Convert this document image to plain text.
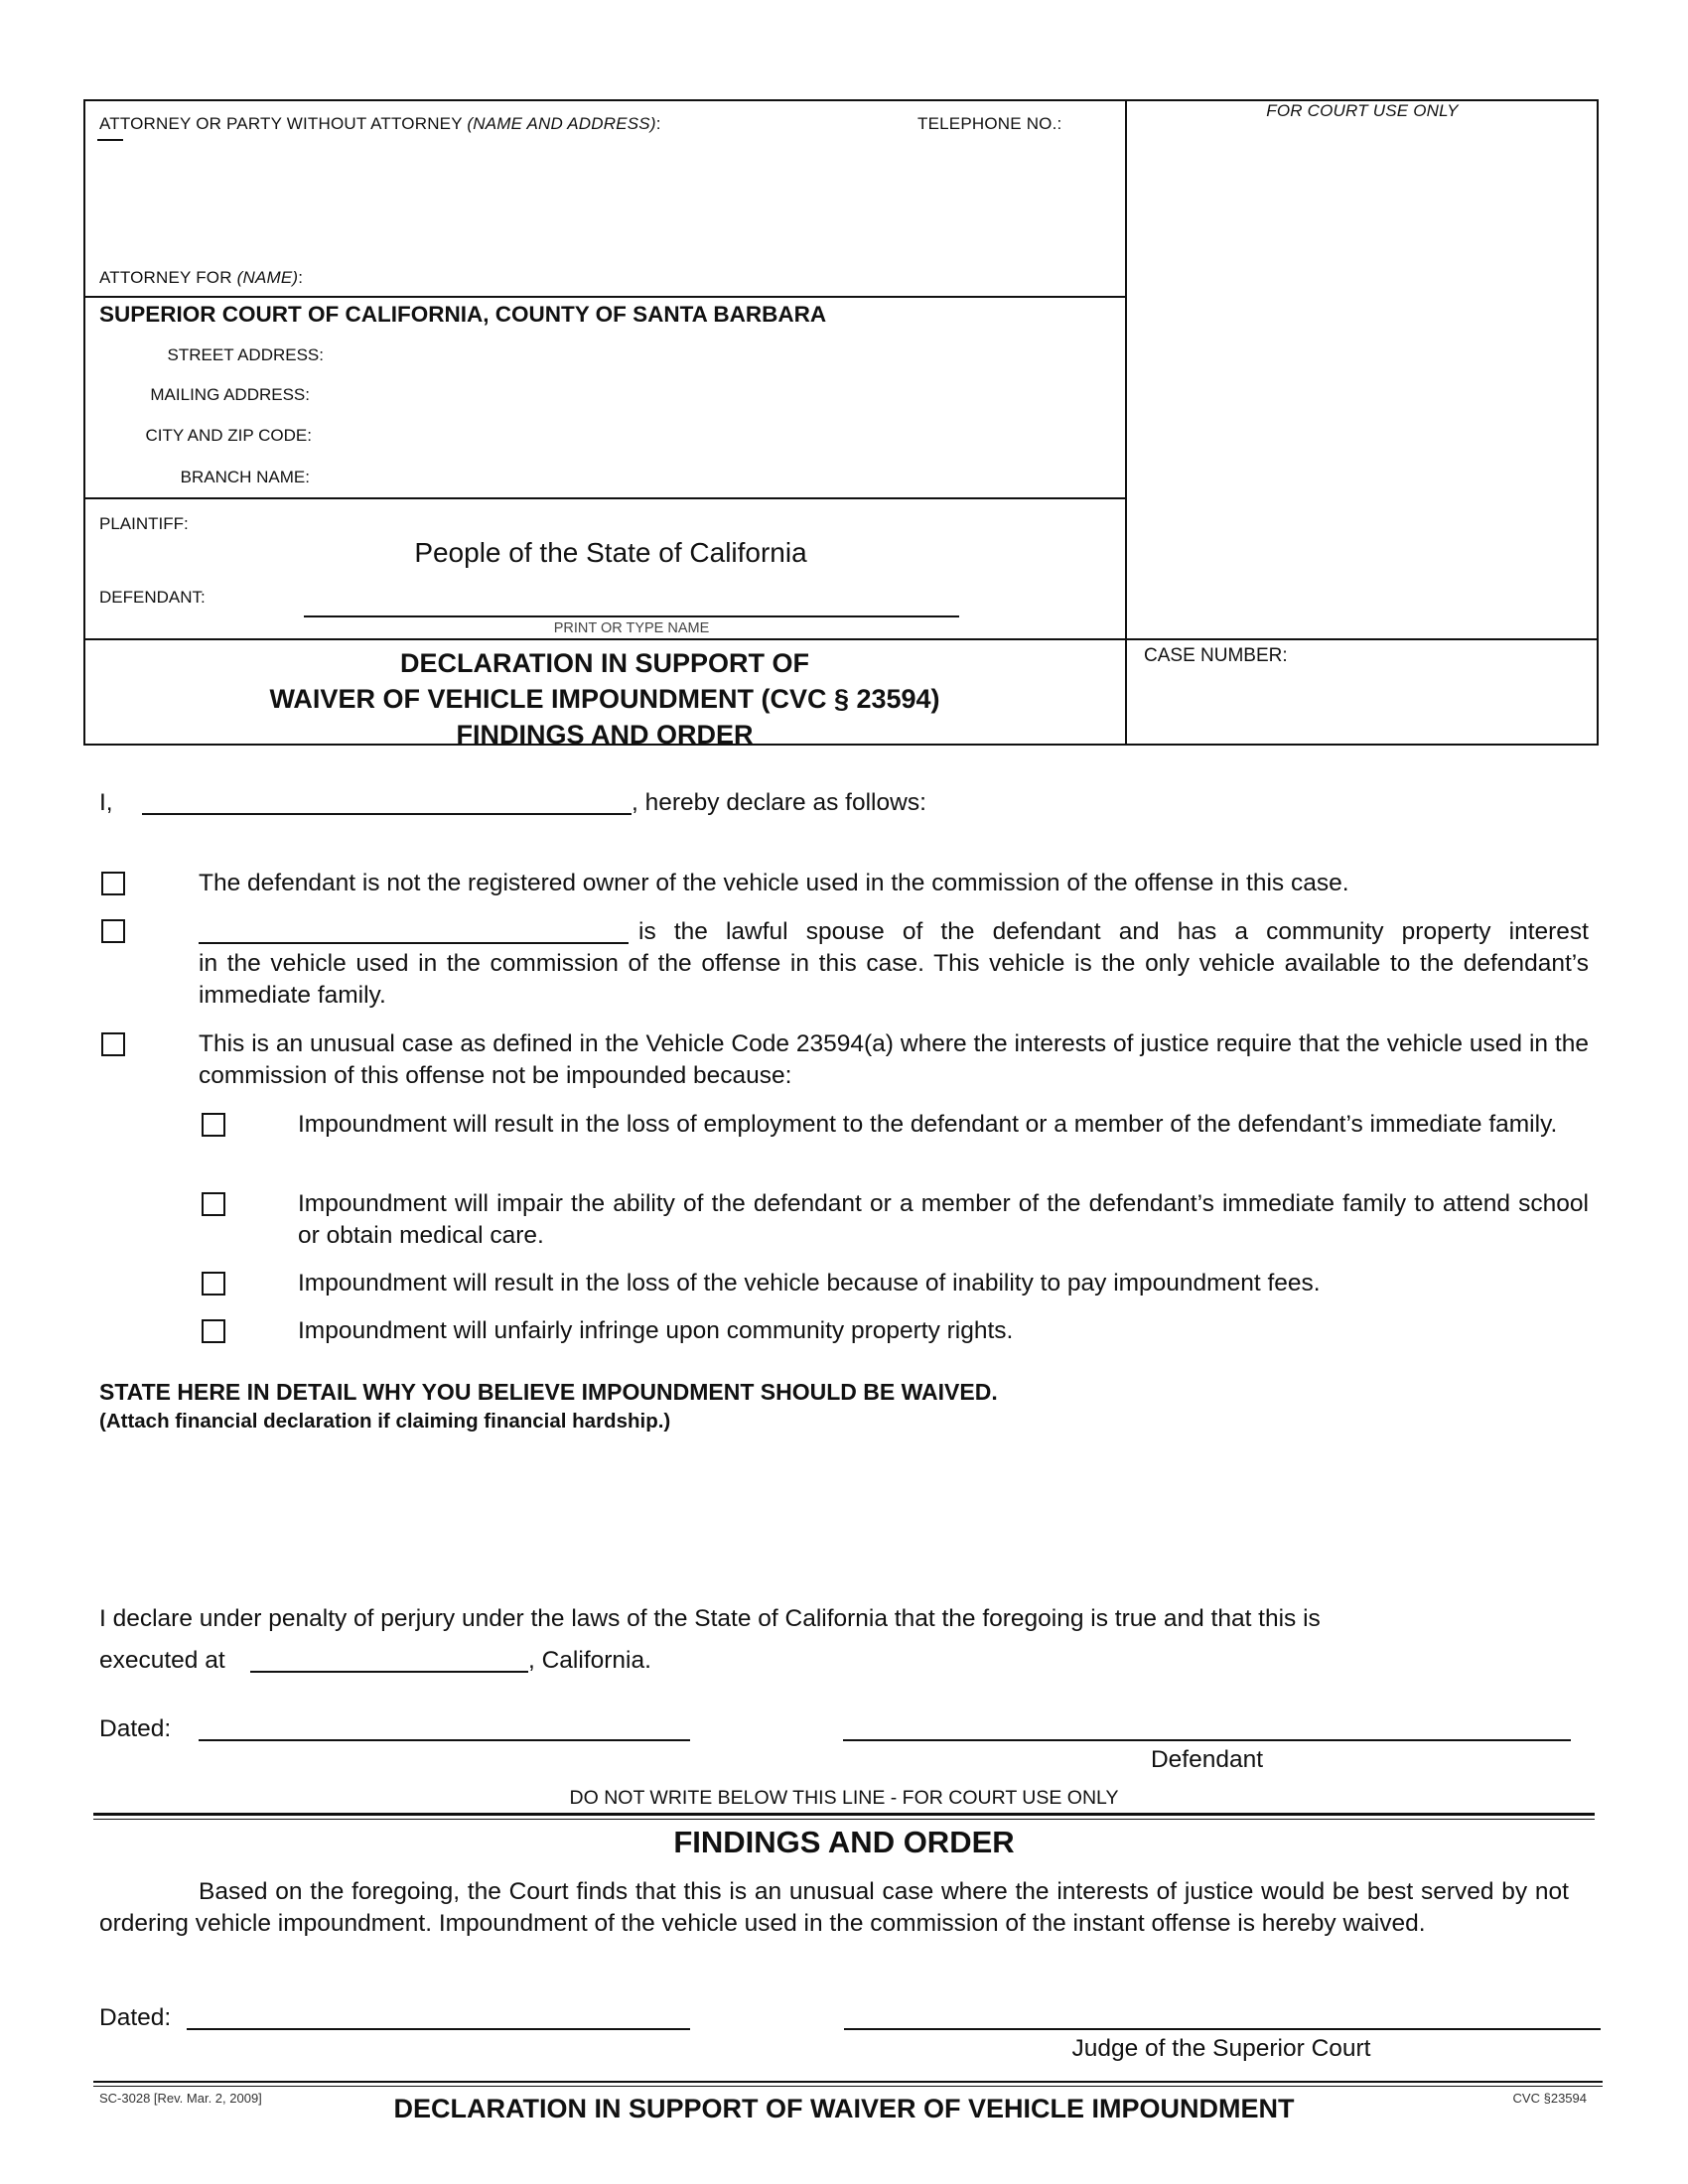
ATTORNEY OR PARTY WITHOUT ATTORNEY (NAME AND ADDRESS):	TELEPHONE NO.:
FOR COURT USE ONLY
ATTORNEY FOR (NAME):
SUPERIOR COURT OF CALIFORNIA, COUNTY OF SANTA BARBARA
STREET ADDRESS:
MAILING ADDRESS:
CITY AND ZIP CODE:
BRANCH NAME:
PLAINTIFF:
People of the State of California
DEFENDANT:
PRINT OR TYPE NAME
DECLARATION IN SUPPORT OF
WAIVER OF VEHICLE IMPOUNDMENT (CVC § 23594)
FINDINGS AND ORDER
CASE NUMBER:
I,	, hereby declare as follows:
The defendant is not the registered owner of the vehicle used in the commission of the offense in this case.
is the lawful spouse of the defendant and has a community property interest
in the vehicle used in the commission of the offense in this case. This vehicle is the only vehicle available to the defendant’s immediate family.
This is an unusual case as defined in the Vehicle Code 23594(a) where the interests of justice require that the vehicle used in the commission of this offense not be impounded because:
Impoundment will result in the loss of employment to the defendant or a member of the defendant’s immediate family.
Impoundment will impair the ability of the defendant or a member of the defendant’s immediate family to attend school or obtain medical care.
Impoundment will result in the loss of the vehicle because of inability to pay impoundment fees.
Impoundment will unfairly infringe upon community property rights.
STATE HERE IN DETAIL WHY YOU BELIEVE IMPOUNDMENT SHOULD BE WAIVED.
(Attach financial declaration if claiming financial hardship.)
I declare under penalty of perjury under the laws of the State of California that the foregoing is true and that this is
executed at	, California.
Dated:
Defendant
DO NOT WRITE BELOW THIS LINE - FOR COURT USE ONLY
FINDINGS AND ORDER
Based on the foregoing, the Court finds that this is an unusual case where the interests of justice would be best served by not ordering vehicle impoundment. Impoundment of the vehicle used in the commission of the instant offense is hereby waived.
Dated:
Judge of the Superior Court
SC-3028 [Rev. Mar. 2, 2009]	DECLARATION IN SUPPORT OF WAIVER OF VEHICLE IMPOUNDMENT	CVC §23594
